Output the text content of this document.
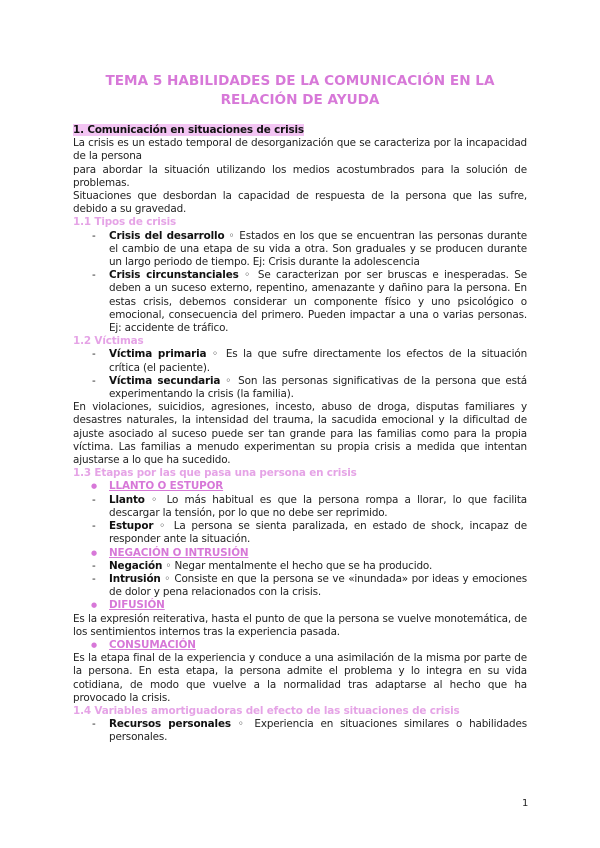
TEMA 5 HABILIDADES DE LA COMUNICACIÓN EN LA RELACIÓN DE AYUDA

1. Comunicación en situaciones de crisis

La crisis es un estado temporal de desorganización que se caracteriza por la incapacidad de la persona

para abordar la situación utilizando los medios acostumbrados para la solución de problemas.

Situaciones que desbordan la capacidad de respuesta de la persona que las sufre, debido a su gravedad.

1.1 Tipos de crisis

- Crisis del desarrollo ◦ Estados en los que se encuentran las personas durante el cambio de una etapa de su vida a otra. Son graduales y se producen durante un largo periodo de tiempo. Ej: Crisis durante la adolescencia

- Crisis circunstanciales ◦ Se caracterizan por ser bruscas e inesperadas. Se deben a un suceso externo, repentino, amenazante y dañino para la persona. En estas crisis, debemos considerar un componente físico y uno psicológico o emocional, consecuencia del primero. Pueden impactar a una o varias personas. Ej: accidente de tráfico.

1.2 Víctimas

- Víctima primaria ◦ Es la que sufre directamente los efectos de la situación crítica (el paciente).

- Víctima secundaria ◦ Son las personas significativas de la persona que está experimentando la crisis (la familia).

En violaciones, suicidios, agresiones, incesto, abuso de droga, disputas familiares y desastres naturales, la intensidad del trauma, la sacudida emocional y la dificultad de ajuste asociado al suceso puede ser tan grande para las familias como para la propia víctima. Las familias a menudo experimentan su propia crisis a medida que intentan ajustarse a lo que ha sucedido.

1.3 Etapas por las que pasa una persona en crisis

● LLANTO O ESTUPOR

- Llanto ◦ Lo más habitual es que la persona rompa a llorar, lo que facilita descargar la tensión, por lo que no debe ser reprimido.

- Estupor ◦ La persona se sienta paralizada, en estado de shock, incapaz de responder ante la situación.

● NEGACIÓN O INTRUSIÓN

- Negación ◦ Negar mentalmente el hecho que se ha producido.

- Intrusión ◦ Consiste en que la persona se ve «inundada» por ideas y emociones de dolor y pena relacionados con la crisis.

● DIFUSIÓN

Es la expresión reiterativa, hasta el punto de que la persona se vuelve monotemática, de los sentimientos internos tras la experiencia pasada.

● CONSUMACIÓN

Es la etapa final de la experiencia y conduce a una asimilación de la misma por parte de la persona. En esta etapa, la persona admite el problema y lo integra en su vida cotidiana, de modo que vuelve a la normalidad tras adaptarse al hecho que ha provocado la crisis.

1.4 Variables amortiguadoras del efecto de las situaciones de crisis

- Recursos personales ◦ Experiencia en situaciones similares o habilidades personales.

1
